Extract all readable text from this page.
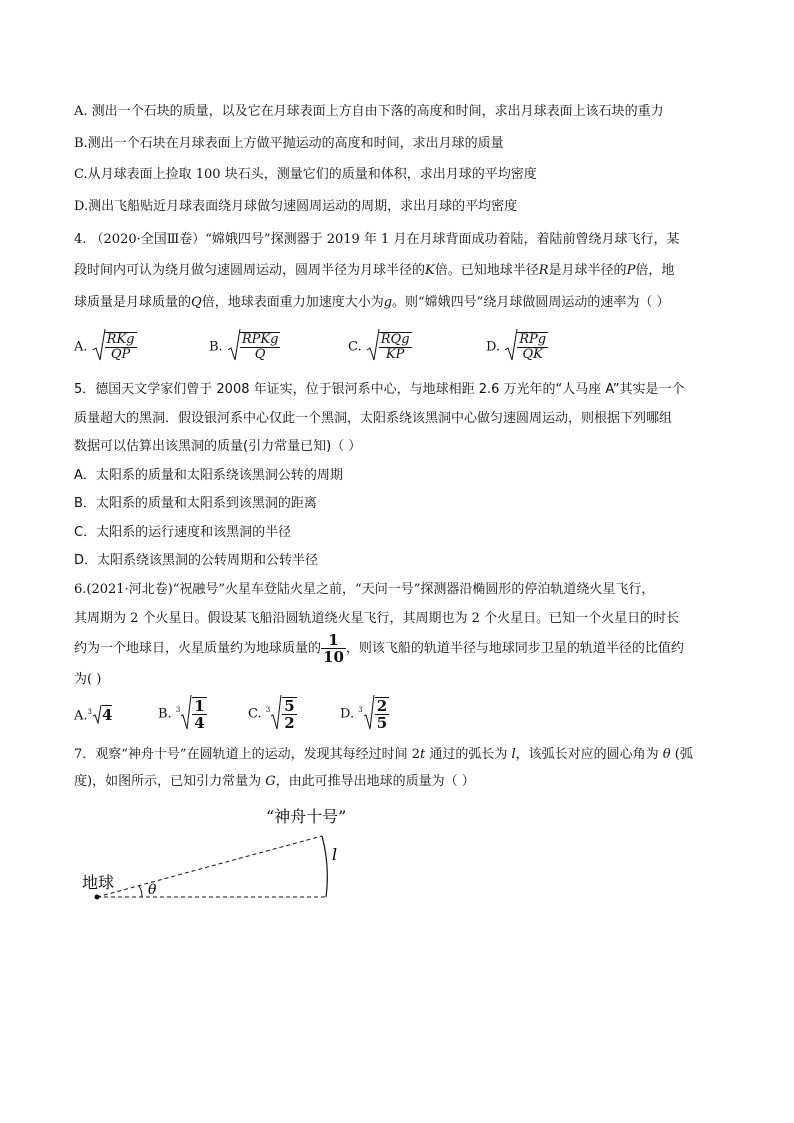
A. 测出一个石块的质量，以及它在月球表面上方自由下落的高度和时间，求出月球表面上该石块的重力
B.测出一个石块在月球表面上方做平抛运动的高度和时间，求出月球的质量
C.从月球表面上捡取 100 块石头，测量它们的质量和体积，求出月球的平均密度
D.测出飞船贴近月球表面绕月球做匀速圆周运动的周期，求出月球的平均密度
4. （2020·全国Ⅲ卷）“嫦娥四号”探测器于 2019 年 1 月在月球背面成功着陆，着陆前曾绕月球飞行，某
段时间内可认为绕月做匀速圆周运动，圆周半径为月球半径的K倍。已知地球半径R是月球半径的P倍，地
球质量是月球质量的Q倍，地球表面重力加速度大小为g。则“嫦娥四号”绕月球做圆周运动的速率为（ ）
A. $\frac{\text{RKg}}{QP}$	B. $\frac{\text{RPKg}}{Q}$	C. $\frac{\text{RQg}}{KP}$	D. $\frac{\text{RPg}}{QK}$
5．德国天文学家们曾于 2008 年证实，位于银河系中心，与地球相距 2.6 万光年的“人马座 A”其实是一个
质量超大的黑洞．假设银河系中心仅此一个黑洞，太阳系绕该黑洞中心做匀速圆周运动，则根据下列哪组
数据可以估算出该黑洞的质量(引力常量已知)（ ）
A．太阳系的质量和太阳系绕该黑洞公转的周期
B．太阳系的质量和太阳系到该黑洞的距离
C．太阳系的运行速度和该黑洞的半径
D．太阳系绕该黑洞的公转周期和公转半径
6.(2021·河北卷)“祝融号”火星车登陆火星之前，“天问一号”探测器沿椭圆形的停泊轨道绕火星飞行，
其周期为 2 个火星日。假设某飞船沿圆轨道绕火星飞行，其周期也为 2 个火星日。已知一个火星日的时长
约为一个地球日，火星质量约为地球质量的 $\frac{1}{10}$ ，则该飞船的轨道半径与地球同步卫星的轨道半径的比值约
为( )
A.$^3$ 4	B. $^3 \frac{1}{4}$	C. $^3 \frac{5}{2}$	D. $^3 \frac{2}{5}$
7．观察“神舟十号”在圆轨道上的运动，发现其每经过时间 2t 通过的弧长为 l，该弧长对应的圆心角为 θ (弧
度)，如图所示，已知引力常量为 G，由此可推导出地球的质量为（ ）
“神舟十号”
地球 θ
l
